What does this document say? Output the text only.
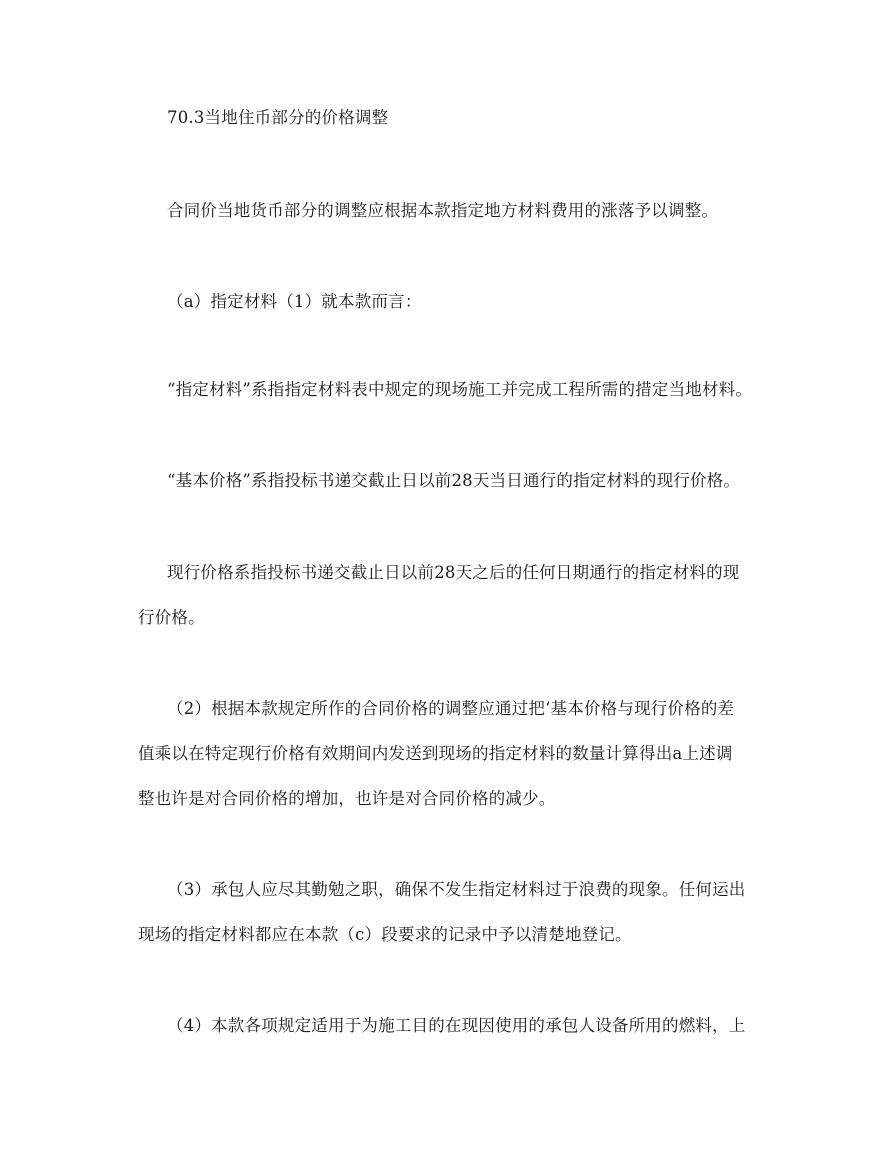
70.3当地住币部分的价格调整
合同价当地货币部分的调整应根据本款指定地方材料费用的涨落予以调整。
（a）指定材料（1）就本款而言：
“指定材料”系指指定材料表中规定的现场施工并完成工程所需的措定当地材料。
“基本价格”系指投标书递交截止日以前28天当日通行的指定材料的现行价格。
现行价格系指投标书递交截止日以前28天之后的任何日期通行的指定材料的现
行价格。
（2）根据本款规定所作的合同价格的调整应通过把‘基本价格与现行价格的差
值乘以在特定现行价格有效期间内发送到现场的指定材料的数量计算得出a上述调
整也许是对合同价格的增加，也许是对合同价格的减少。
（3）承包人应尽其勤勉之职，确保不发生指定材料过于浪费的现象。任何运出
现场的指定材料都应在本款（c）段要求的记录中予以清楚地登记。
（4）本款各项规定适用于为施工目的在现因使用的承包人设备所用的燃料，上
